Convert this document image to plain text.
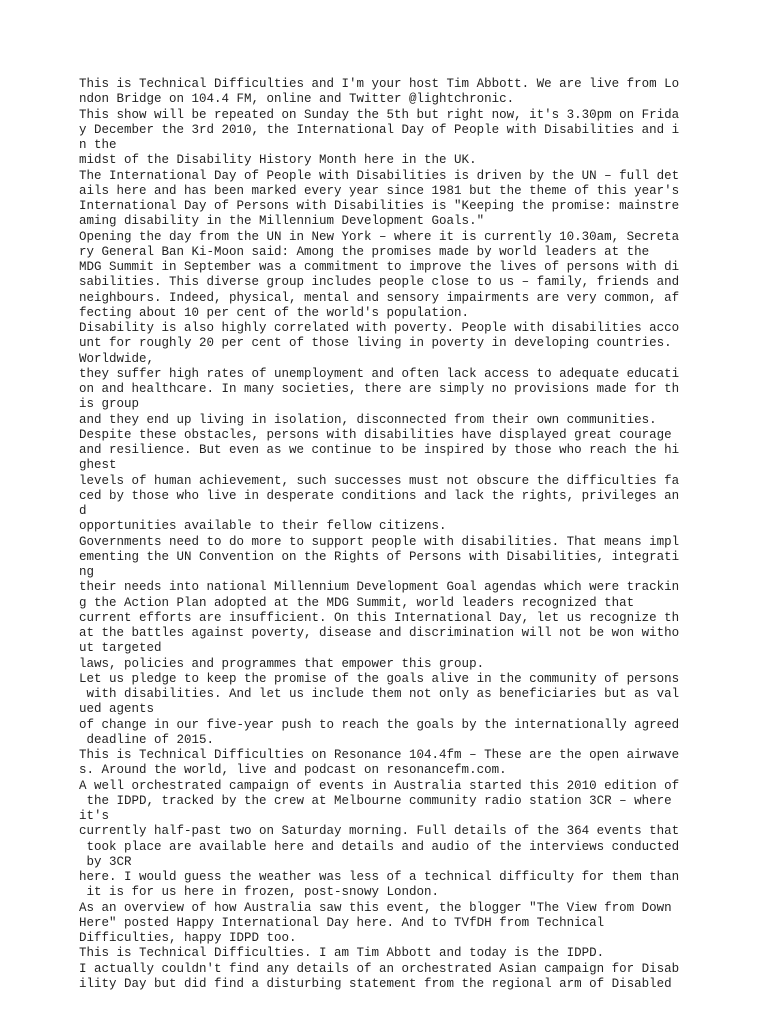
This is Technical Difficulties and I'm your host Tim Abbott. We are live from Lo
ndon Bridge on 104.4 FM, online and Twitter @lightchronic.
This show will be repeated on Sunday the 5th but right now, it's 3.30pm on Frida
y December the 3rd 2010, the International Day of People with Disabilities and i
n the
midst of the Disability History Month here in the UK.
The International Day of People with Disabilities is driven by the UN – full det
ails here and has been marked every year since 1981 but the theme of this year's
International Day of Persons with Disabilities is "Keeping the promise: mainstre
aming disability in the Millennium Development Goals."
Opening the day from the UN in New York – where it is currently 10.30am, Secreta
ry General Ban Ki-Moon said: Among the promises made by world leaders at the
MDG Summit in September was a commitment to improve the lives of persons with di
sabilities. This diverse group includes people close to us – family, friends and
neighbours. Indeed, physical, mental and sensory impairments are very common, af
fecting about 10 per cent of the world's population.
Disability is also highly correlated with poverty. People with disabilities acco
unt for roughly 20 per cent of those living in poverty in developing countries.
Worldwide,
they suffer high rates of unemployment and often lack access to adequate educati
on and healthcare. In many societies, there are simply no provisions made for th
is group
and they end up living in isolation, disconnected from their own communities.
Despite these obstacles, persons with disabilities have displayed great courage
and resilience. But even as we continue to be inspired by those who reach the hi
ghest
levels of human achievement, such successes must not obscure the difficulties fa
ced by those who live in desperate conditions and lack the rights, privileges an
d
opportunities available to their fellow citizens.
Governments need to do more to support people with disabilities. That means impl
ementing the UN Convention on the Rights of Persons with Disabilities, integrati
ng
their needs into national Millennium Development Goal agendas which were trackin
g the Action Plan adopted at the MDG Summit, world leaders recognized that
current efforts are insufficient. On this International Day, let us recognize th
at the battles against poverty, disease and discrimination will not be won witho
ut targeted
laws, policies and programmes that empower this group.
Let us pledge to keep the promise of the goals alive in the community of persons
with disabilities. And let us include them not only as beneficiaries but as val
ued agents
of change in our five-year push to reach the goals by the internationally agreed
deadline of 2015.
This is Technical Difficulties on Resonance 104.4fm – These are the open airwave
s. Around the world, live and podcast on resonancefm.com.
A well orchestrated campaign of events in Australia started this 2010 edition of
the IDPD, tracked by the crew at Melbourne community radio station 3CR – where
it's
currently half-past two on Saturday morning. Full details of the 364 events that
took place are available here and details and audio of the interviews conducted
by 3CR
here. I would guess the weather was less of a technical difficulty for them than
it is for us here in frozen, post-snowy London.
As an overview of how Australia saw this event, the blogger "The View from Down
Here" posted Happy International Day here. And to TVfDH from Technical
Difficulties, happy IDPD too.
This is Technical Difficulties. I am Tim Abbott and today is the IDPD.
I actually couldn't find any details of an orchestrated Asian campaign for Disab
ility Day but did find a disturbing statement from the regional arm of Disabled
